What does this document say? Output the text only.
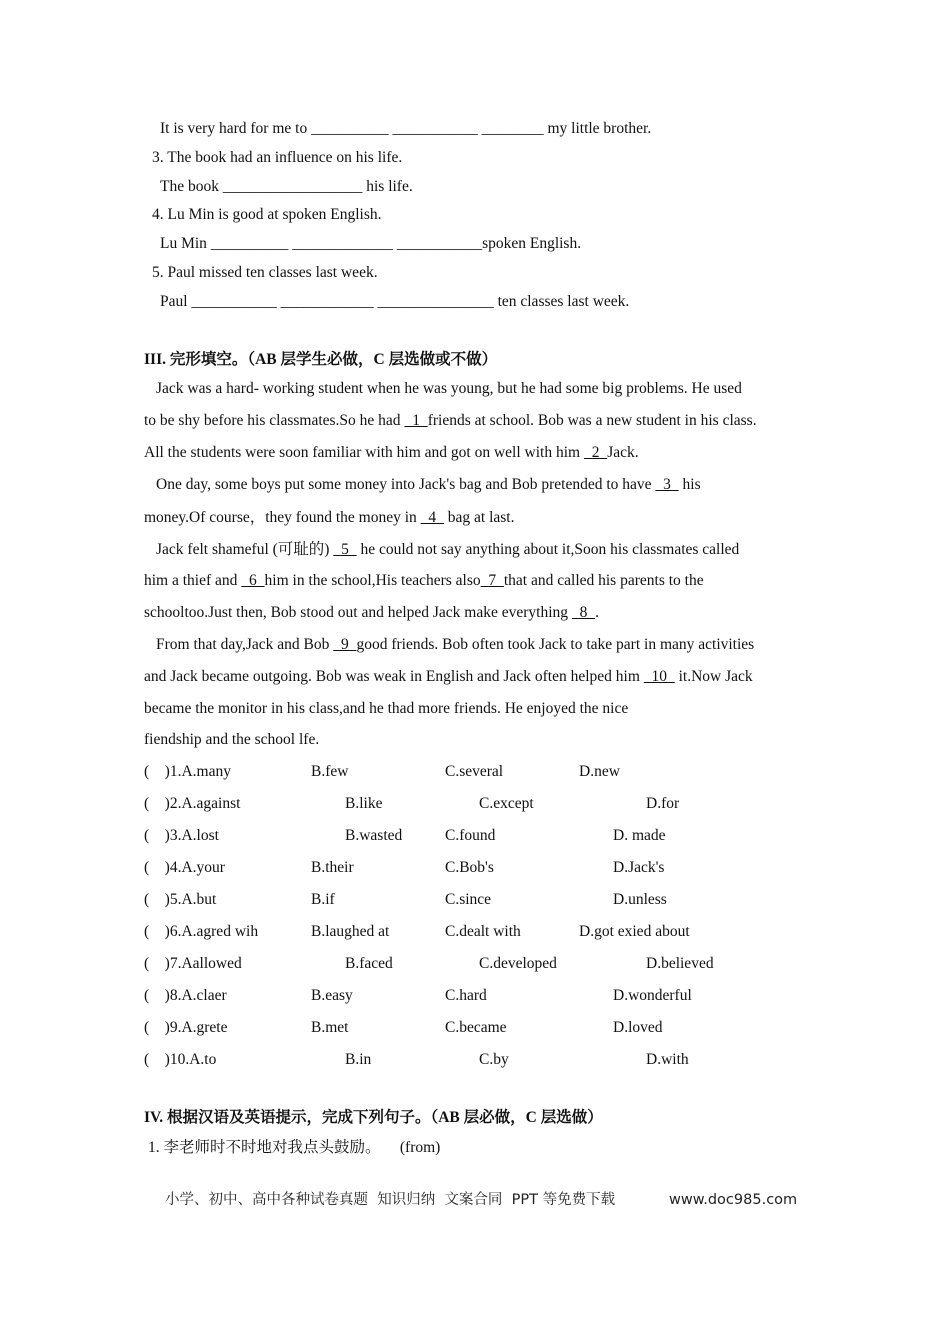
It is very hard for me to __________ ___________ ________ my little brother.
3. The book had an influence on his life.
The book __________________ his life.
4. Lu Min is good at spoken English.
Lu Min __________ _____________ ___________spoken English.
5. Paul missed ten classes last week.
Paul ___________ ____________ _______________ ten classes last week.
III. 完形填空。（AB 层学生必做，C 层选做或不做）
Jack was a hard- working student when he was young, but he had some big problems. He used
to be shy before his classmates.So he had   1  friends at school. Bob was a new student in his class.
All the students were soon familiar with him and got on well with him   2  Jack.
One day, some boys put some money into Jack's bag and Bob pretended to have   3   his
money.Of course，they found the money in   4   bag at last.
Jack felt shameful (可耻的)   5   he could not say anything about it,Soon his classmates called
him a thief and   6  him in the school,His teachers also  7  that and called his parents to the
schooltoo.Just then, Bob stood out and helped Jack make everything   8  .
From that day,Jack and Bob   9  good friends. Bob often took Jack to take part in many activities
and Jack became outgoing. Bob was weak in English and Jack often helped him   10   it.Now Jack
became the monitor in his class,and he thad more friends. He enjoyed the nice
fiendship and the school lfe.
(    )1.A.many	B.few	C.several	D.new
(    )2.A.against	B.like	C.except	D.for
(    )3.A.lost	B.wasted	C.found	D. made
(    )4.A.your	B.their	C.Bob's	D.Jack's
(    )5.A.but	B.if	C.since	D.unless
(    )6.A.agred wih	B.laughed at	C.dealt with	D.got exied about
(    )7.Aallowed	B.faced	C.developed	D.believed
(    )8.A.claer	B.easy	C.hard	D.wonderful
(    )9.A.grete	B.met	C.became	D.loved
(    )10.A.to	B.in	C.by	D.with
IV. 根据汉语及英语提示，完成下列句子。（AB 层必做，C 层选做）
1. 李老师时不时地对我点头鼓励。     (from)
小学、初中、高中各种试卷真题  知识归纳  文案合同  PPT 等免费下载	www.doc985.com
